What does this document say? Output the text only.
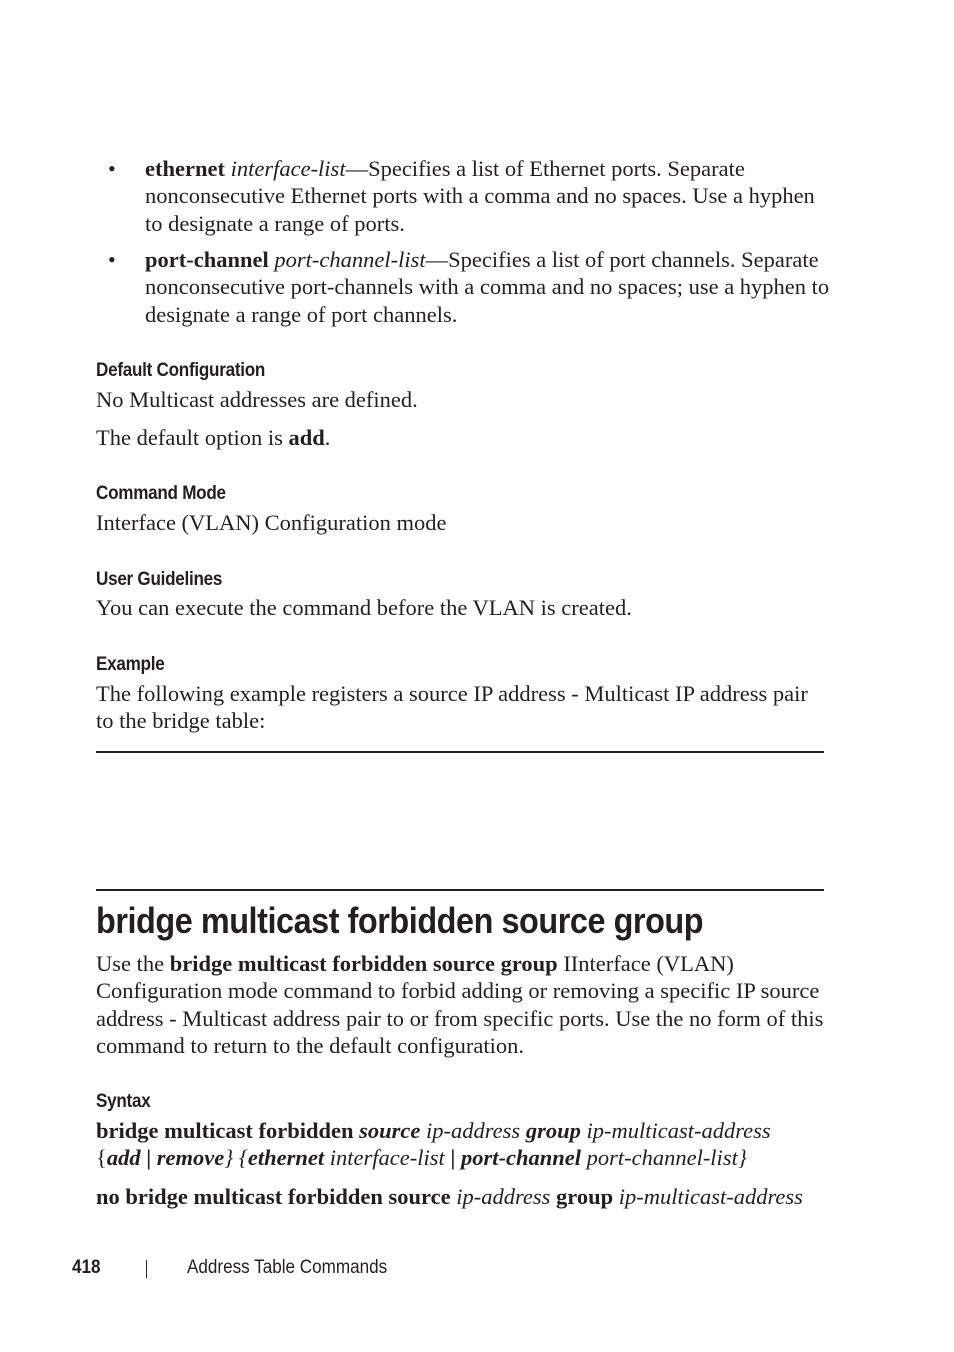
• ethernet interface-list—Specifies a list of Ethernet ports. Separate nonconsecutive Ethernet ports with a comma and no spaces. Use a hyphen to designate a range of ports.

• port-channel port-channel-list—Specifies a list of port channels. Separate nonconsecutive port-channels with a comma and no spaces; use a hyphen to designate a range of port channels.

Default Configuration

No Multicast addresses are defined.

The default option is add.

Command Mode

Interface (VLAN) Configuration mode

User Guidelines

You can execute the command before the VLAN is created.

Example

The following example registers a source IP address - Multicast IP address pair to the bridge table:

bridge multicast forbidden source group

Use the bridge multicast forbidden source group IInterface (VLAN) Configuration mode command to forbid adding or removing a specific IP source address - Multicast address pair to or from specific ports. Use the no form of this command to return to the default configuration.

Syntax

bridge multicast forbidden source ip-address group ip-multicast-address

{add | remove} {ethernet interface-list | port-channel port-channel-list}

no bridge multicast forbidden source ip-address group ip-multicast-address

418	Address Table Commands
